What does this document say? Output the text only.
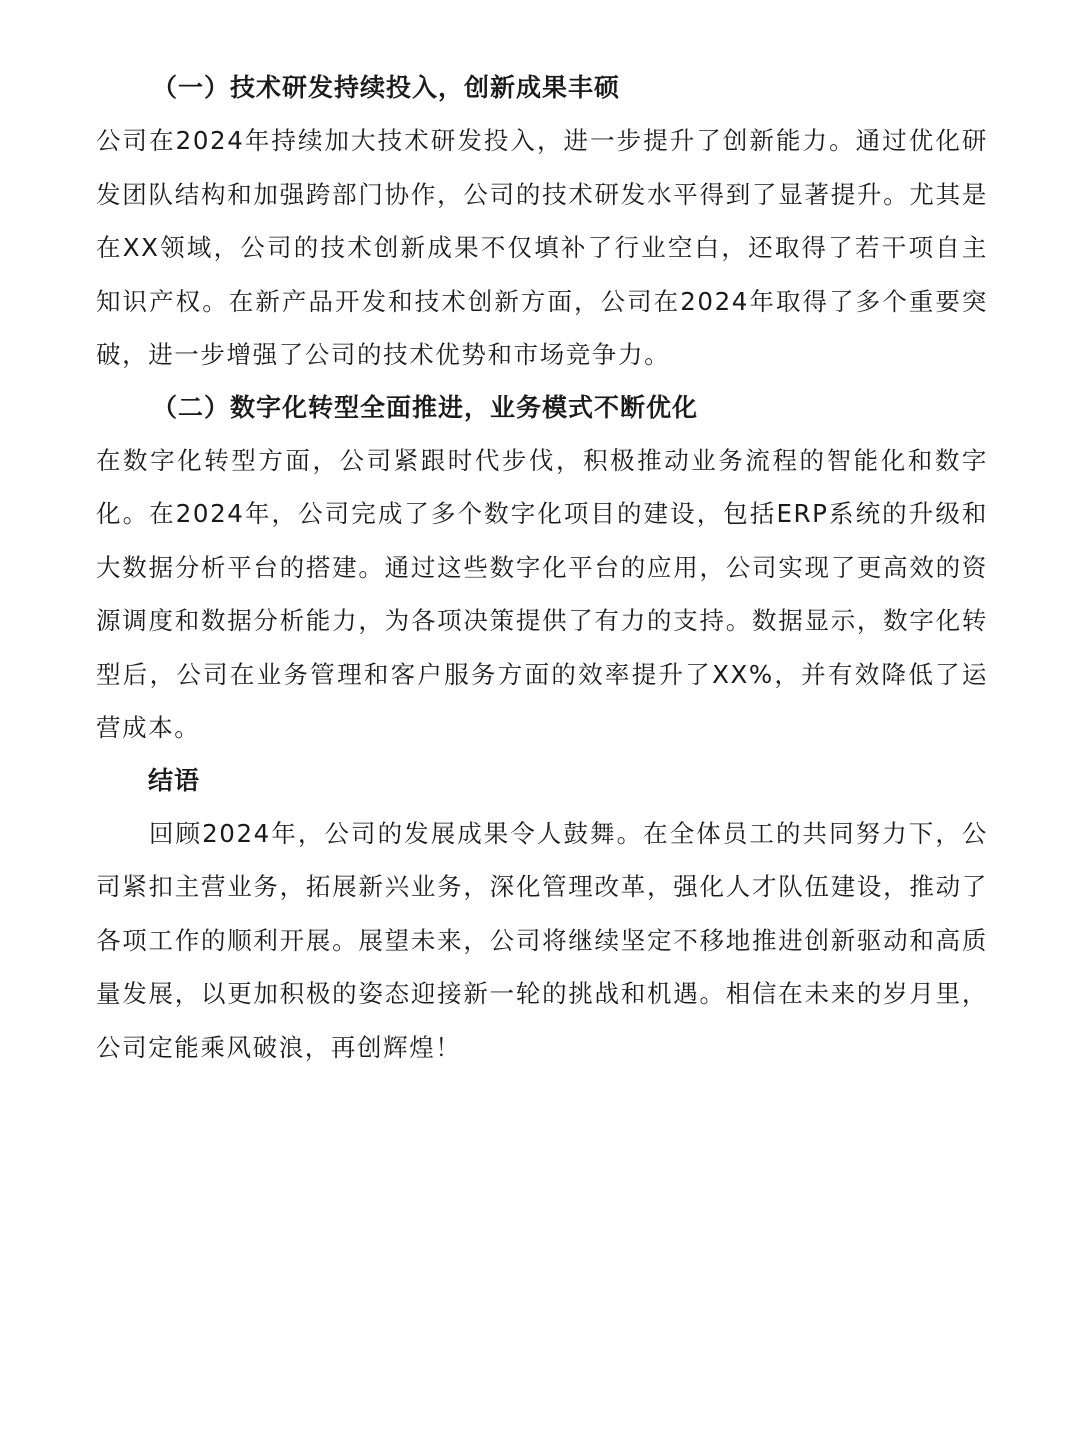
（一）技术研发持续投入，创新成果丰硕

公司在2024年持续加大技术研发投入，进一步提升了创新能力。通过优化研发团队结构和加强跨部门协作，公司的技术研发水平得到了显著提升。尤其是在XX领域，公司的技术创新成果不仅填补了行业空白，还取得了若干项自主知识产权。在新产品开发和技术创新方面，公司在2024年取得了多个重要突破，进一步增强了公司的技术优势和市场竞争力。

（二）数字化转型全面推进，业务模式不断优化

在数字化转型方面，公司紧跟时代步伐，积极推动业务流程的智能化和数字化。在2024年，公司完成了多个数字化项目的建设，包括ERP系统的升级和大数据分析平台的搭建。通过这些数字化平台的应用，公司实现了更高效的资源调度和数据分析能力，为各项决策提供了有力的支持。数据显示，数字化转型后，公司在业务管理和客户服务方面的效率提升了XX%，并有效降低了运营成本。

结语

回顾2024年，公司的发展成果令人鼓舞。在全体员工的共同努力下，公司紧扣主营业务，拓展新兴业务，深化管理改革，强化人才队伍建设，推动了各项工作的顺利开展。展望未来，公司将继续坚定不移地推进创新驱动和高质量发展，以更加积极的姿态迎接新一轮的挑战和机遇。相信在未来的岁月里，公司定能乘风破浪，再创辉煌！
